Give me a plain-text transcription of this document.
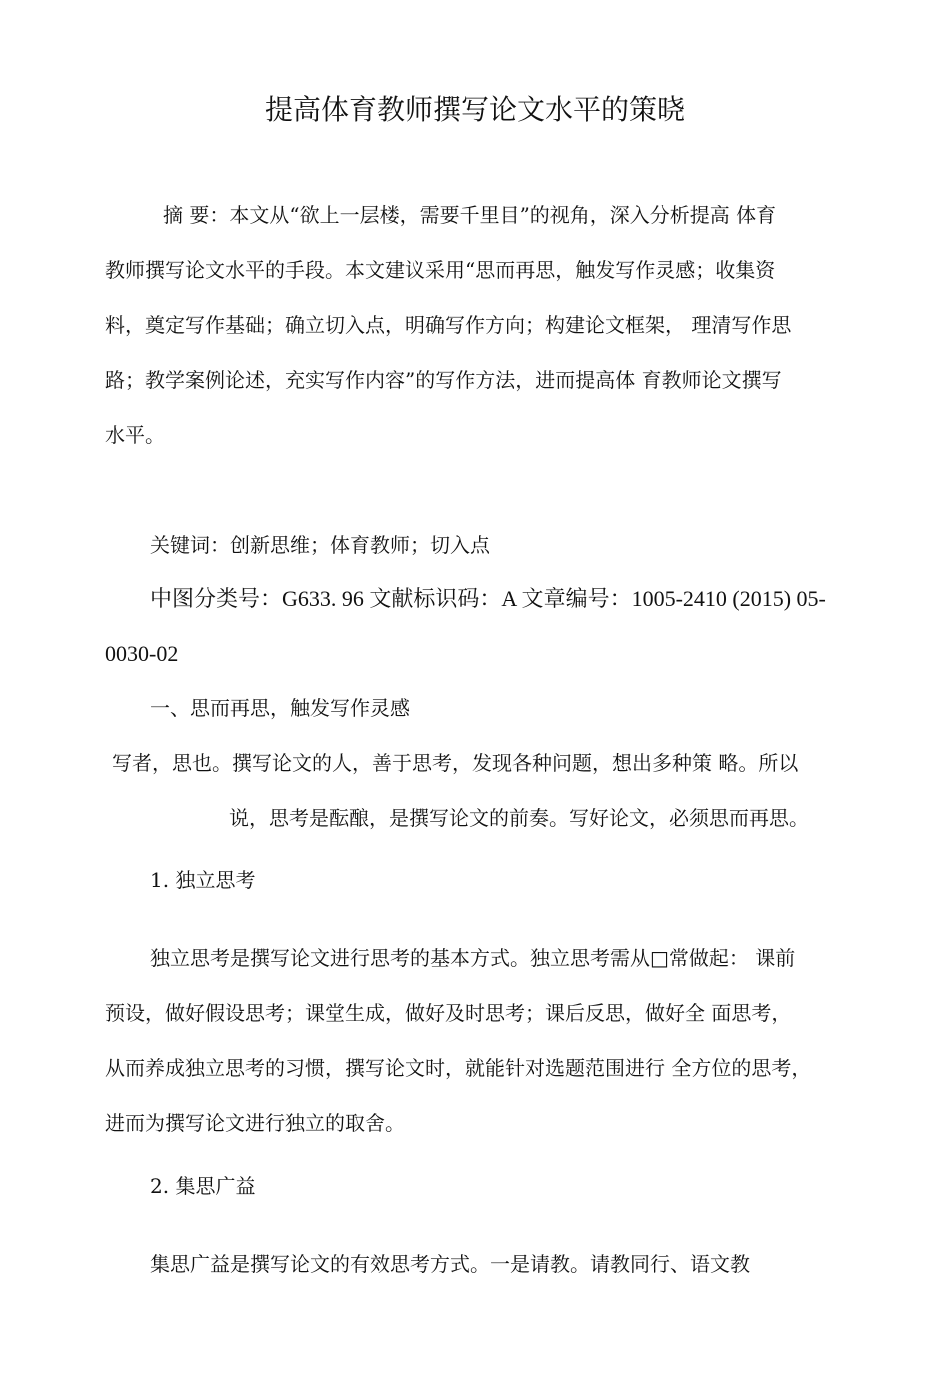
提高体育教师撰写论文水平的策晓
摘 要：本文从“欲上一层楼，需要千里目”的视角，深入分析提高 体育
教师撰写论文水平的手段。本文建议采用“思而再思，触发写作灵感；收集资
料，奠定写作基础；确立切入点，明确写作方向；构建论文框架， 理清写作思
路；教学案例论述，充实写作内容”的写作方法，进而提高体 育教师论文撰写
水平。
关键词：创新思维；体育教师；切入点
中图分类号：G633. 96 文献标识码：A 文章编号：1005-2410 (2015) 05-
0030-02
一、思而再思，触发写作灵感
写者，思也。撰写论文的人，善于思考，发现各种问题，想出多种策 略。所以
说，思考是酝酿，是撰写论文的前奏。写好论文，必须思而再思。
1. 独立思考
独立思考是撰写论文进行思考的基本方式。独立思考需从□常做起： 课前
预设，做好假设思考；课堂生成，做好及时思考；课后反思，做好全 面思考，
从而养成独立思考的习惯，撰写论文时，就能针对选题范围进行 全方位的思考，
进而为撰写论文进行独立的取舍。
2. 集思广益
集思广益是撰写论文的有效思考方式。一是请教。请教同行、语文教
